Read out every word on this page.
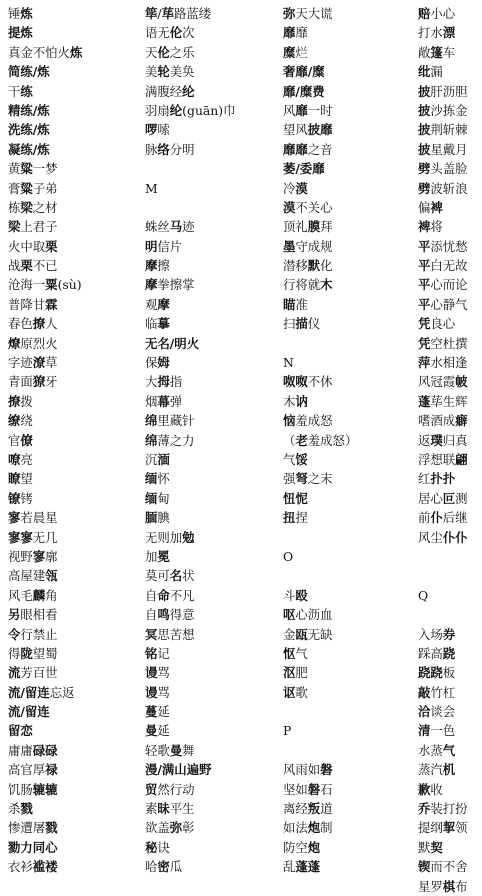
锤炼
提炼
真金不怕火炼
简练/炼
干练
精练/炼
洗练/炼
凝练/炼
黄粱一梦
膏粱子弟
栋梁之材
梁上君子
火中取栗
战栗不已
沧海一粟(sù)
普降甘霖
春色撩人
燎原烈火
字迹潦草
青面獠牙
撩拨
缭绕
官僚
嘹亮
瞭望
镣铐
寥若晨星
寥寥无几
视野寥廓
高屋建瓴
风毛麟角
另眼相看
令行禁止
得陇望蜀
流芳百世
流/留连忘返
流/留连
留恋
庸庸碌碌
高官厚禄
饥肠辘辘
杀戮
惨遭屠戮
勠力同心
衣衫褴褛
筚/荜路蓝缕
语无伦次
天伦之乐
美轮美奂
满腹经纶
羽扇纶(guān)巾
啰嗦
脉络分明
M
蛛丝马迹
明信片
摩擦
摩拳擦掌
观摩
临摹
无名/明火
保姆
大拇指
烟幕弹
绵里藏针
绵薄之力
沉湎
缅怀
缅甸
腼腆
无则加勉
加冕
莫可名状
自命不凡
自鸣得意
冥思苦想
铭记
谩骂
谩骂
蔓延
曼延
轻歌曼舞
漫/满山遍野
贸然行动
素昧平生
欲盖弥彰
秘诀
哈密瓜
弥天大谎
靡靡
糜烂
奢靡/糜
靡/糜费
风靡一时
望风披靡
靡靡之音
萎/委靡
冷漠
漠不关心
顶礼膜拜
墨守成规
潜移默化
行将就木
瞄准
扫描仪
N
呶呶不休
木讷
恼羞成怒
（老羞成怒）
气馁
强弩之末
忸怩
扭捏
O
斗殴
呕心沥血
金瓯无缺
怄气
沤肥
讴歌
P
风雨如磐
坚如磐石
离经叛道
如法炮制
防空炮
乱蓬蓬
赔小心
打水漂
敞篷车
纰漏
披肝沥胆
披沙拣金
披荆斩棘
披星戴月
劈头盖脸
劈波斩浪
偏裨
裨将
平添忧愁
平白无故
平心而论
平心静气
凭良心
凭空杜撰
萍水相逢
风冠霞帔
蓬荜生辉
嗜酒成癖
返璞归真
浮想联翩
红扑扑
居心叵测
前仆后继
风尘仆仆
Q
入场券
踩高跷
跷跷板
敲竹杠
洽谈会
清一色
水蒸气
蒸汽机
歉收
乔装打扮
提纲挈领
默契
锲而不舍
星罗棋布
